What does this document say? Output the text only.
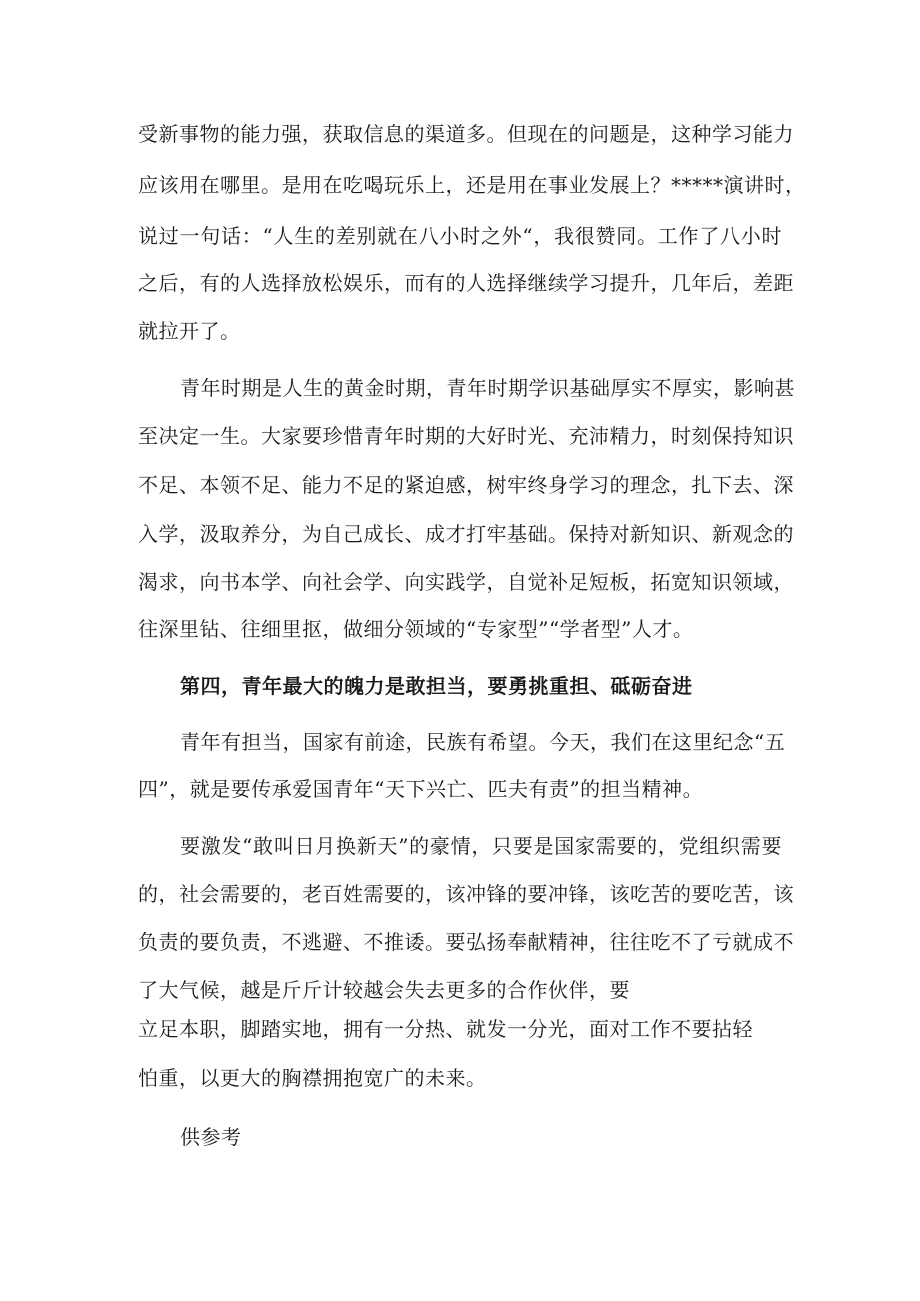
受新事物的能力强，获取信息的渠道多。但现在的问题是，这种学习能力
应该用在哪里。是用在吃喝玩乐上，还是用在事业发展上？*****演讲时，
说过一句话：“人生的差别就在八小时之外“，我很赞同。工作了八小时
之后，有的人选择放松娱乐，而有的人选择继续学习提升，几年后，差距
就拉开了。
青年时期是人生的黄金时期，青年时期学识基础厚实不厚实，影响甚
至决定一生。大家要珍惜青年时期的大好时光、充沛精力，时刻保持知识
不足、本领不足、能力不足的紧迫感，树牢终身学习的理念，扎下去、深
入学，汲取养分，为自己成长、成才打牢基础。保持对新知识、新观念的
渴求，向书本学、向社会学、向实践学，自觉补足短板，拓宽知识领域，
往深里钻、往细里抠，做细分领域的“专家型”“学者型”人才。
第四，青年最大的魄力是敢担当，要勇挑重担、砥砺奋进
青年有担当，国家有前途，民族有希望。今天，我们在这里纪念“五
四”，就是要传承爱国青年“天下兴亡、匹夫有责”的担当精神。
要激发“敢叫日月换新天”的豪情，只要是国家需要的，党组织需要
的，社会需要的，老百姓需要的，该冲锋的要冲锋，该吃苦的要吃苦，该
负责的要负责，不逃避、不推诿。要弘扬奉献精神，往往吃不了亏就成不
了大气候，越是斤斤计较越会失去更多的合作伙伴，要
立足本职，脚踏实地，拥有一分热、就发一分光，面对工作不要拈轻
怕重，以更大的胸襟拥抱宽广的未来。
供参考
